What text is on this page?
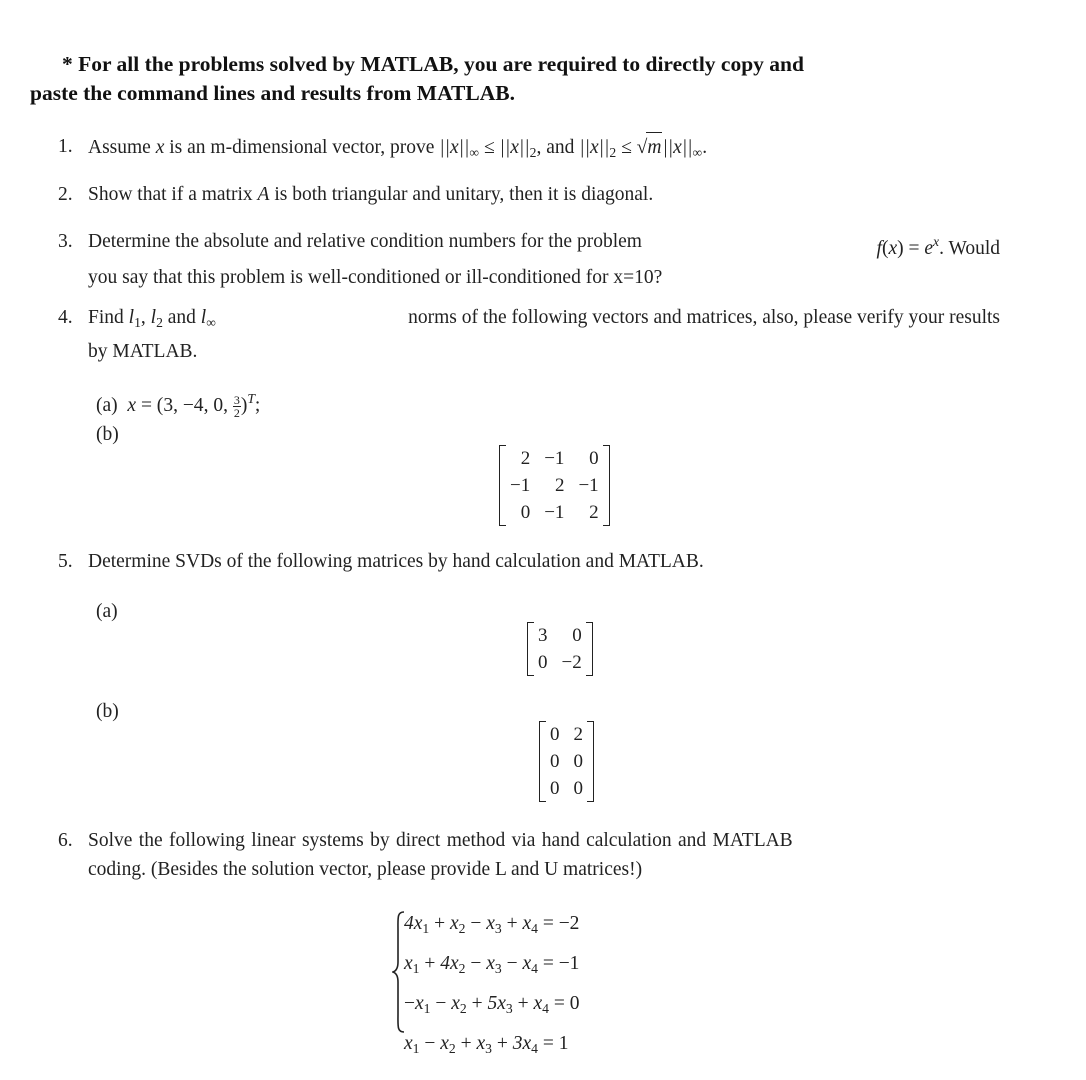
* For all the problems solved by MATLAB, you are required to directly copy and
paste the command lines and results from MATLAB.
1. Assume x is an m-dimensional vector, prove $||x||_\infty \le ||x||_2$, and $||x||_2 \le √m||x||_\infty$.
2. Show that if a matrix A is both triangular and unitary, then it is diagonal.
3. Determine the absolute and relative condition numbers for the problem	$f(x) = e^x$. Would
you say that this problem is well-conditioned or ill-conditioned for x=10?
4. Find $l_1$, $l_2$ and $l_\infty$	norms of the following vectors and matrices, also, please verify your results
by MATLAB.
(a) x = (3, −4, 0, $\frac{3}{2} )^T$;
(b)
2	−1	0
−1	2	−1
0	−1	2
5. Determine SVDs of the following matrices by hand calculation and MATLAB.
(a)
3	0
0	−2
(b)
0	2
0	0
0	0
6. Solve the following linear systems by direct method via hand calculation and MATLAB
coding. (Besides the solution vector, please provide L and U matrices!)
$4x_1 + x_2 - x_3 + x_4 = -2$
$x_1 + 4x_2 - x_3 - x_4 = -1$
$-x_1 - x_2 + 5x_3 + x_4 = 0$
$x_1 - x_2 + x_3 + 3x_4 = 1$
